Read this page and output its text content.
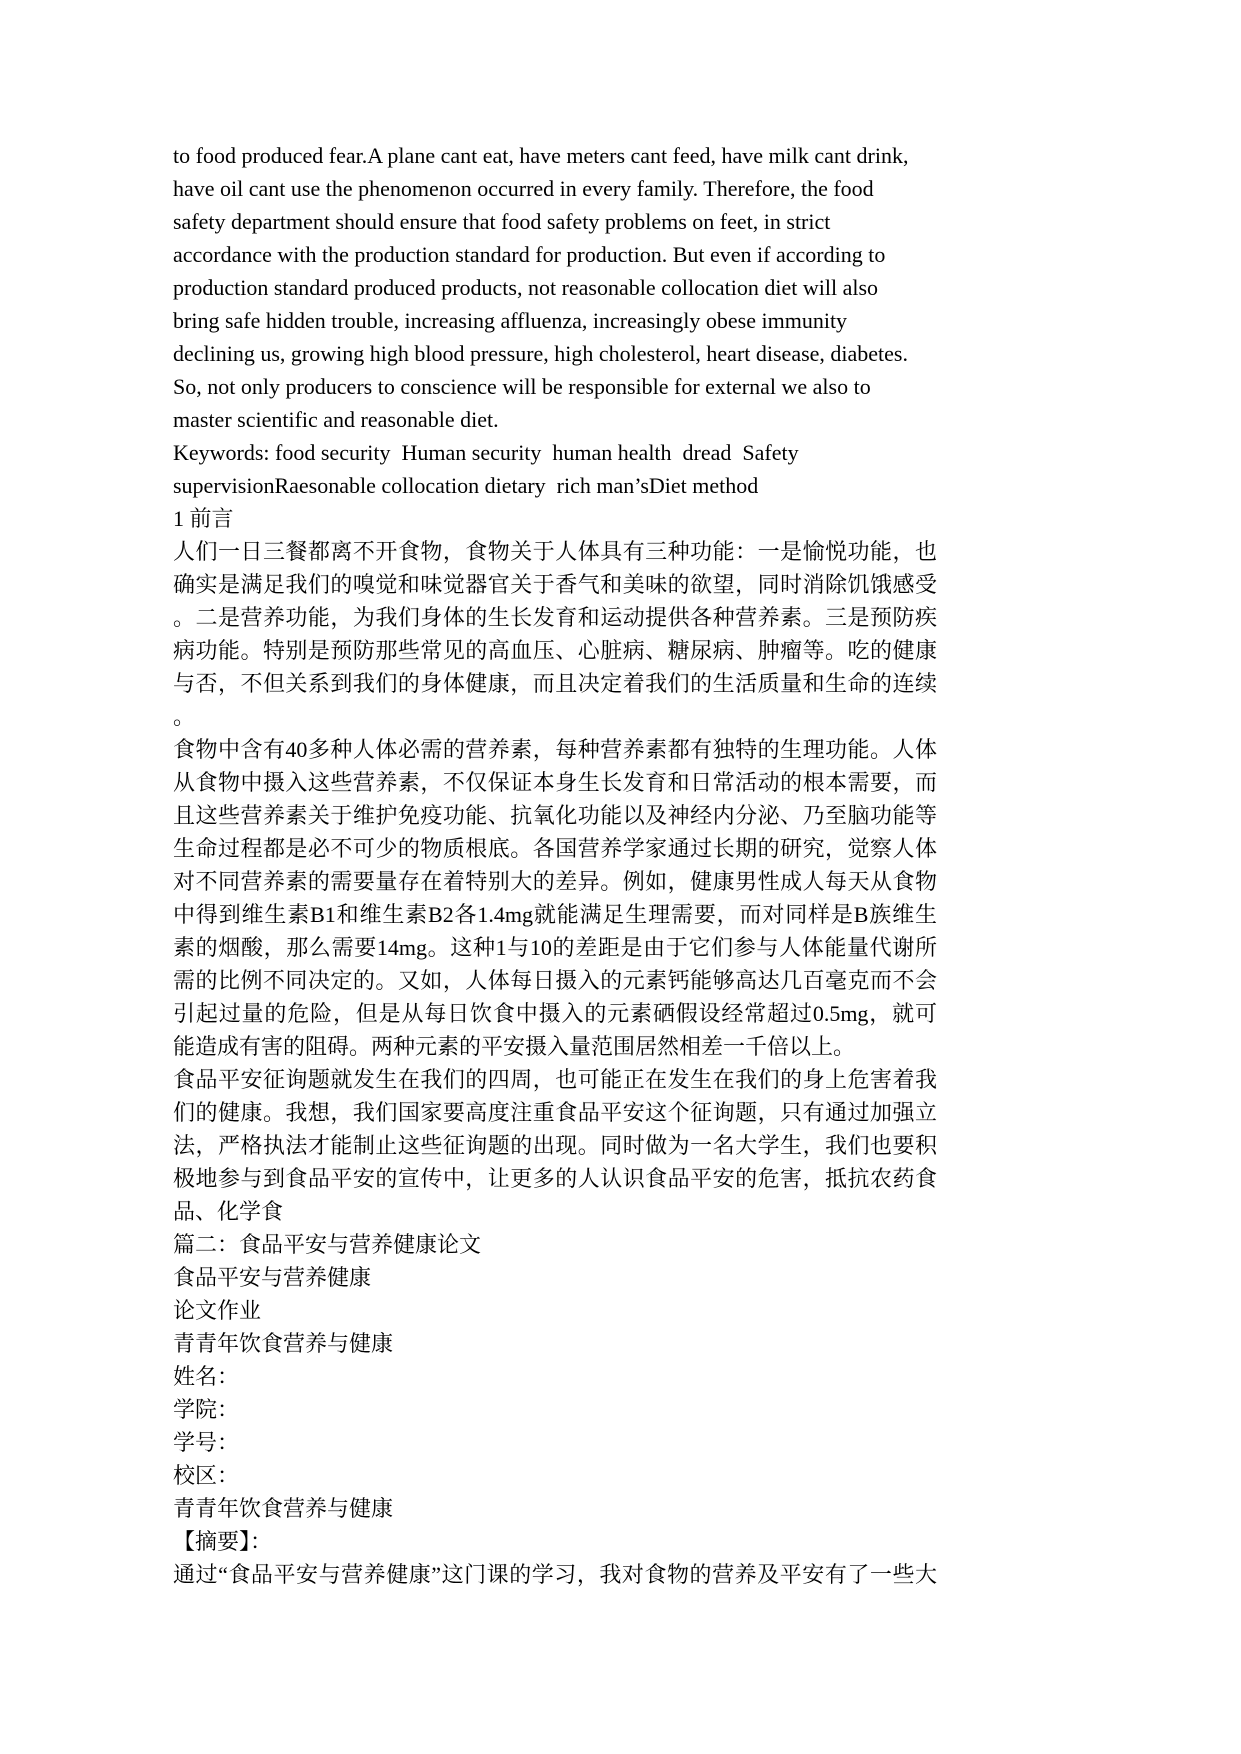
to food produced fear.A plane cant eat, have meters cant feed, have milk cant drink,
have oil cant use the phenomenon occurred in every family. Therefore, the food
safety department should ensure that food safety problems on feet, in strict
accordance with the production standard for production. But even if according to
production standard produced products, not reasonable collocation diet will also
bring safe hidden trouble, increasing affluenza, increasingly obese immunity
declining us, growing high blood pressure, high cholesterol, heart disease, diabetes.
So, not only producers to conscience will be responsible for external we also to
master scientific and reasonable diet.
Keywords: food security  Human security  human health  dread  Safety
supervisionRaesonable collocation dietary  rich man’sDiet method
1 前言
人们一日三餐都离不开食物，食物关于人体具有三种功能：一是愉悦功能，也
确实是满足我们的嗅觉和味觉器官关于香气和美味的欲望，同时消除饥饿感受
。二是营养功能，为我们身体的生长发育和运动提供各种营养素。三是预防疾
病功能。特别是预防那些常见的高血压、心脏病、糖尿病、肿瘤等。吃的健康
与否，不但关系到我们的身体健康，而且决定着我们的生活质量和生命的连续
。
食物中含有40多种人体必需的营养素，每种营养素都有独特的生理功能。人体
从食物中摄入这些营养素，不仅保证本身生长发育和日常活动的根本需要，而
且这些营养素关于维护免疫功能、抗氧化功能以及神经内分泌、乃至脑功能等
生命过程都是必不可少的物质根底。各国营养学家通过长期的研究，觉察人体
对不同营养素的需要量存在着特别大的差异。例如，健康男性成人每天从食物
中得到维生素B1和维生素B2各1.4mg就能满足生理需要，而对同样是B族维生
素的烟酸，那么需要14mg。这种1与10的差距是由于它们参与人体能量代谢所
需的比例不同决定的。又如，人体每日摄入的元素钙能够高达几百毫克而不会
引起过量的危险，但是从每日饮食中摄入的元素硒假设经常超过0.5mg，就可
能造成有害的阻碍。两种元素的平安摄入量范围居然相差一千倍以上。
食品平安征询题就发生在我们的四周，也可能正在发生在我们的身上危害着我
们的健康。我想，我们国家要高度注重食品平安这个征询题，只有通过加强立
法，严格执法才能制止这些征询题的出现。同时做为一名大学生，我们也要积
极地参与到食品平安的宣传中，让更多的人认识食品平安的危害，抵抗农药食
品、化学食
篇二：食品平安与营养健康论文
食品平安与营养健康
论文作业
青青年饮食营养与健康
姓名：
学院：
学号：
校区：
青青年饮食营养与健康
【摘要】：
通过“食品平安与营养健康”这门课的学习，我对食物的营养及平安有了一些大
